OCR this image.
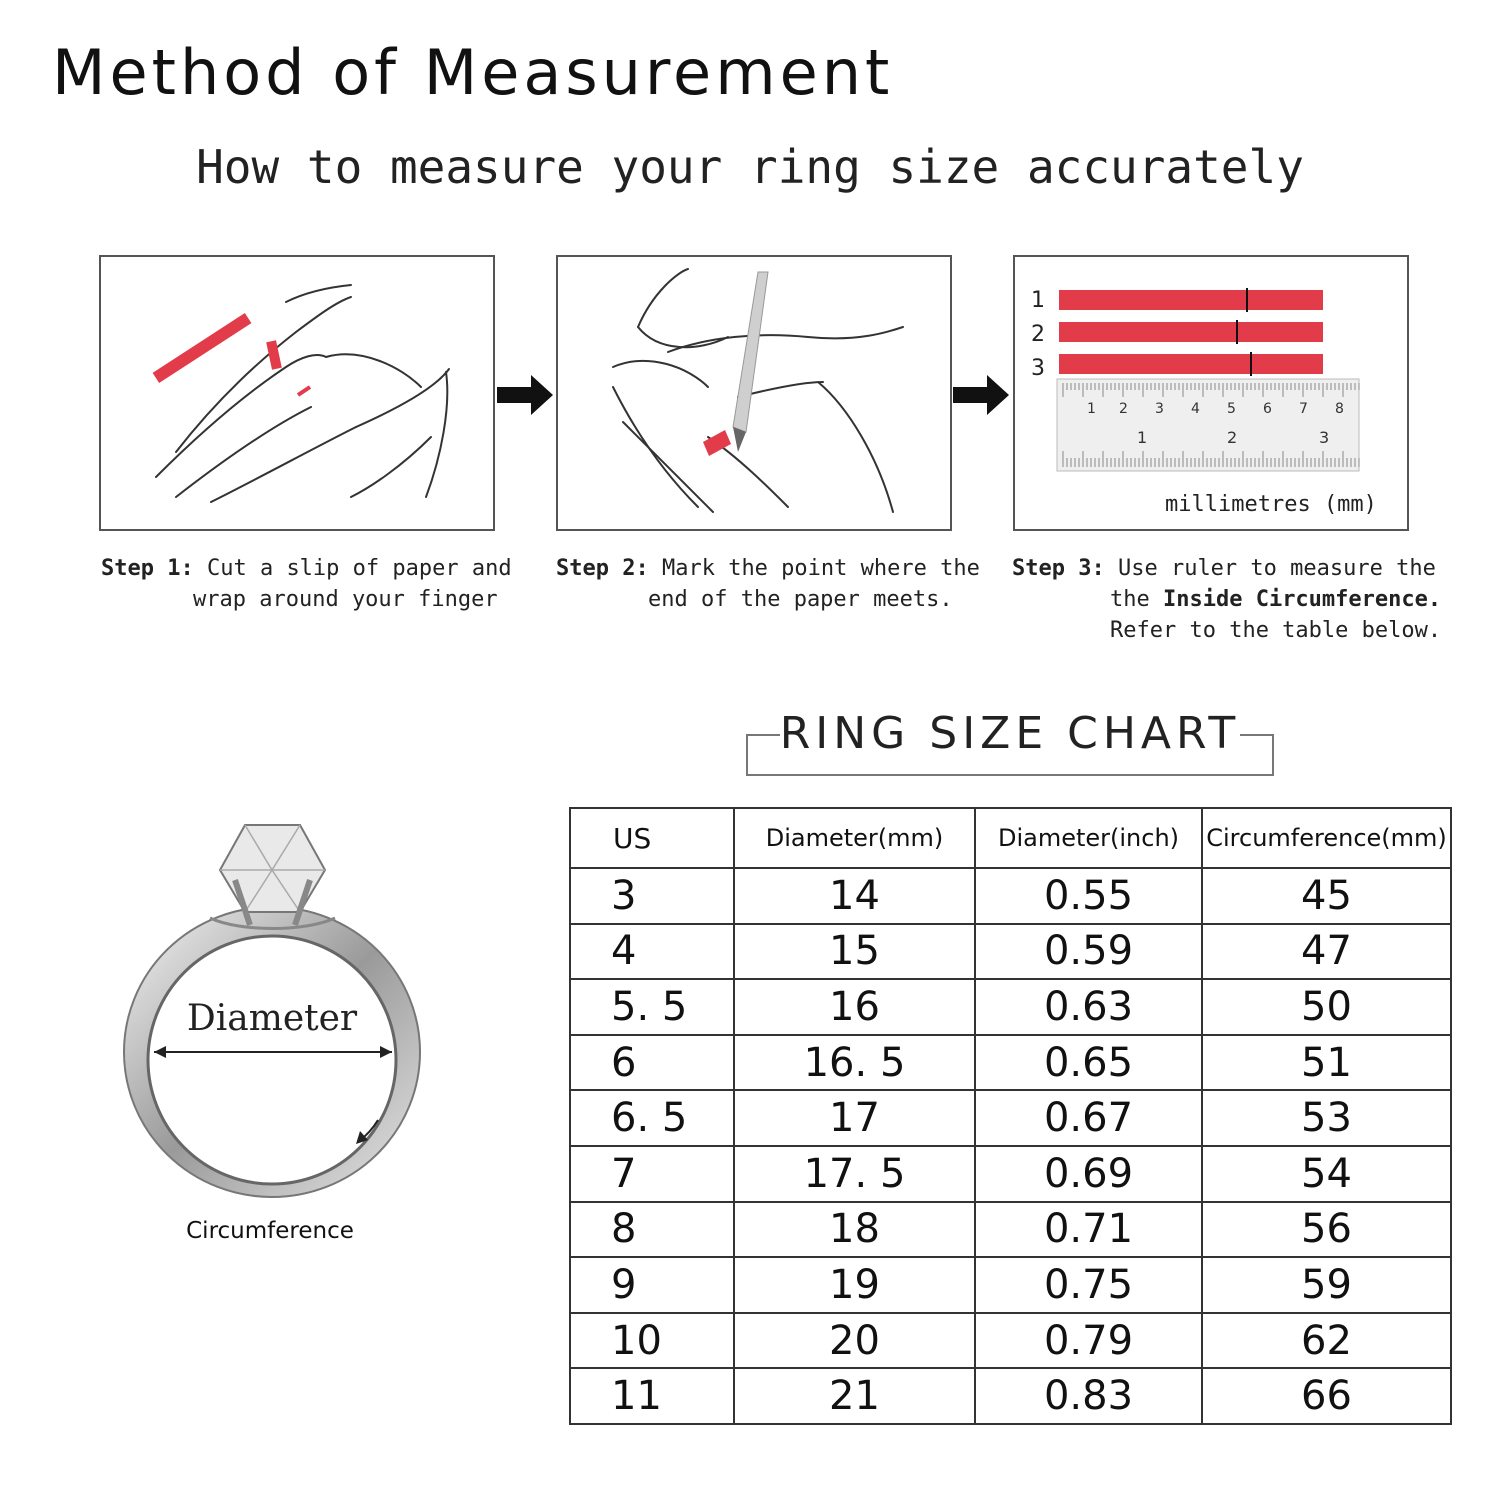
Method of Measurement
How to measure your ring size accurately
1
2
3
1 2 3 4 5 6 7 8
1	2	3
millimetres (mm)
Step 1: Cut a slip of paper and
wrap around your finger
Step 2: Mark the point where the
end of the paper meets.
Step 3: Use ruler to measure the
the Inside Circumference.
Refer to the table below.
Diameter
Circumference
RING SIZE CHART
US	Diameter(mm)	Diameter(inch)	Circumference(mm)
3	14	0.55	45
4	15	0.59	47
5. 5	16	0.63	50
6	16. 5	0.65	51
6. 5	17	0.67	53
7	17. 5	0.69	54
8	18	0.71	56
9	19	0.75	59
10	20	0.79	62
11	21	0.83	66
